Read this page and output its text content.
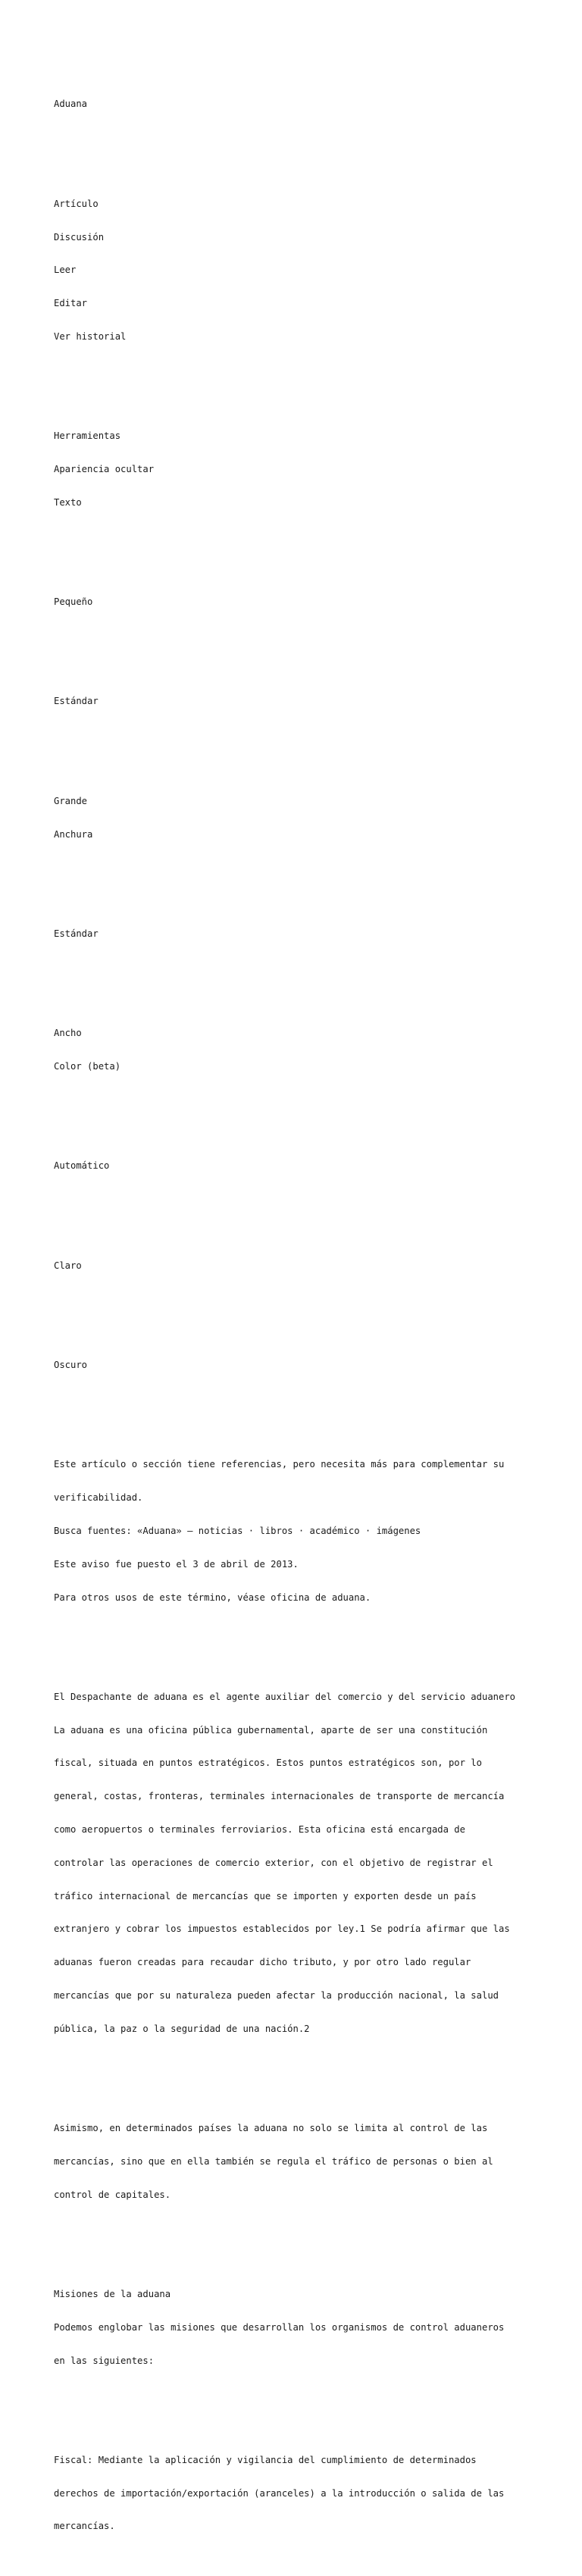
Aduana

Artículo

Discusión

Leer

Editar

Ver historial

Herramientas

Apariencia ocultar

Texto

Pequeño

Estándar

Grande

Anchura

Estándar

Ancho

Color (beta)

Automático

Claro

Oscuro

Este artículo o sección tiene referencias, pero necesita más para complementar su

verificabilidad.

Busca fuentes: «Aduana» – noticias · libros · académico · imágenes

Este aviso fue puesto el 3 de abril de 2013.

Para otros usos de este término, véase oficina de aduana.

El Despachante de aduana es el agente auxiliar del comercio y del servicio aduanero

La aduana es una oficina pública gubernamental, aparte de ser una constitución

fiscal, situada en puntos estratégicos. Estos puntos estratégicos son, por lo

general, costas, fronteras, terminales internacionales de transporte de mercancía

como aeropuertos o terminales ferroviarios. Esta oficina está encargada de

controlar las operaciones de comercio exterior, con el objetivo de registrar el

tráfico internacional de mercancías que se importen y exporten desde un país

extranjero y cobrar los impuestos establecidos por ley.1 Se podría afirmar que las

aduanas fueron creadas para recaudar dicho tributo, y por otro lado regular

mercancías que por su naturaleza pueden afectar la producción nacional, la salud

pública, la paz o la seguridad de una nación.2

Asimismo, en determinados países la aduana no solo se limita al control de las

mercancías, sino que en ella también se regula el tráfico de personas o bien al

control de capitales.

Misiones de la aduana

Podemos englobar las misiones que desarrollan los organismos de control aduaneros

en las siguientes:

Fiscal: Mediante la aplicación y vigilancia del cumplimiento de determinados

derechos de importación/exportación (aranceles) a la introducción o salida de las

mercancías.
